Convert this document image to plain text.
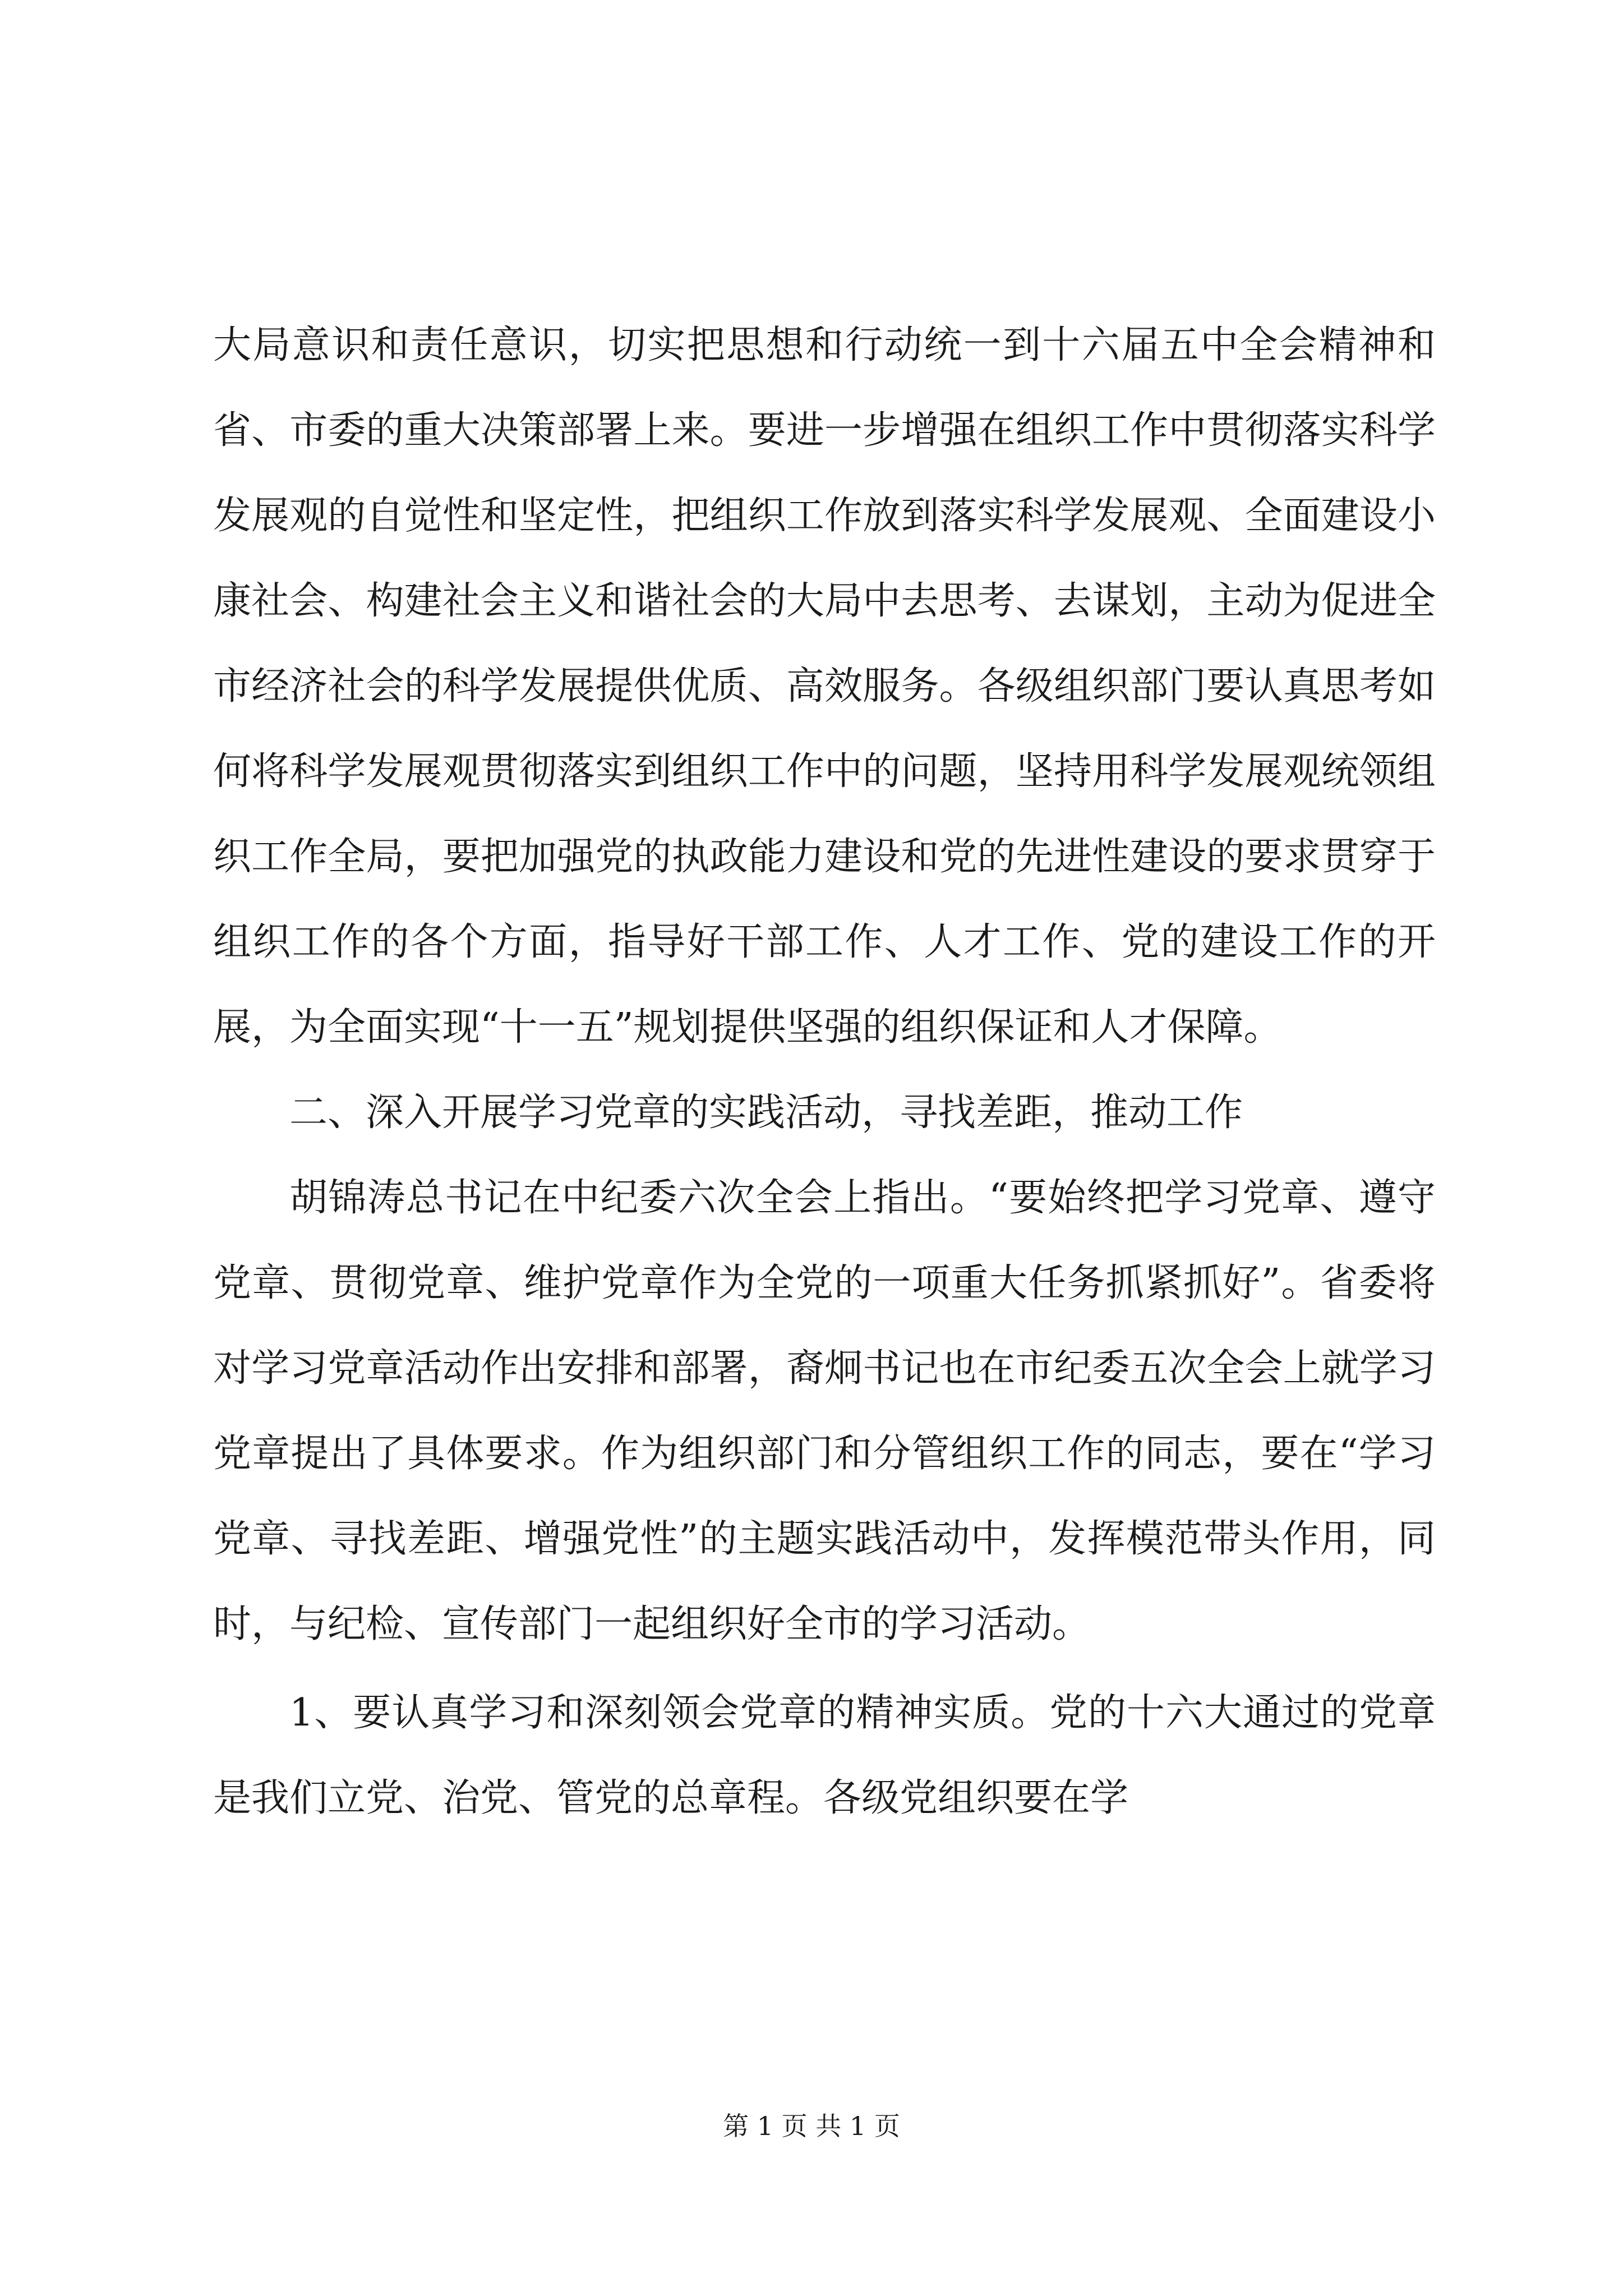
大局意识和责任意识，切实把思想和行动统一到十六届五中全会精神和省、市委的重大决策部署上来。要进一步增强在组织工作中贯彻落实科学发展观的自觉性和坚定性，把组织工作放到落实科学发展观、全面建设小康社会、构建社会主义和谐社会的大局中去思考、去谋划，主动为促进全市经济社会的科学发展提供优质、高效服务。各级组织部门要认真思考如何将科学发展观贯彻落实到组织工作中的问题，坚持用科学发展观统领组织工作全局，要把加强党的执政能力建设和党的先进性建设的要求贯穿于组织工作的各个方面，指导好干部工作、人才工作、党的建设工作的开展，为全面实现“十一五”规划提供坚强的组织保证和人才保障。

二、深入开展学习党章的实践活动，寻找差距，推动工作

胡锦涛总书记在中纪委六次全会上指出。“要始终把学习党章、遵守党章、贯彻党章、维护党章作为全党的一项重大任务抓紧抓好”。省委将对学习党章活动作出安排和部署，裔炯书记也在市纪委五次全会上就学习党章提出了具体要求。作为组织部门和分管组织工作的同志，要在“学习党章、寻找差距、增强党性”的主题实践活动中，发挥模范带头作用，同时，与纪检、宣传部门一起组织好全市的学习活动。

1、要认真学习和深刻领会党章的精神实质。党的十六大通过的党章是我们立党、治党、管党的总章程。各级党组织要在学

第 1 页 共 1 页
